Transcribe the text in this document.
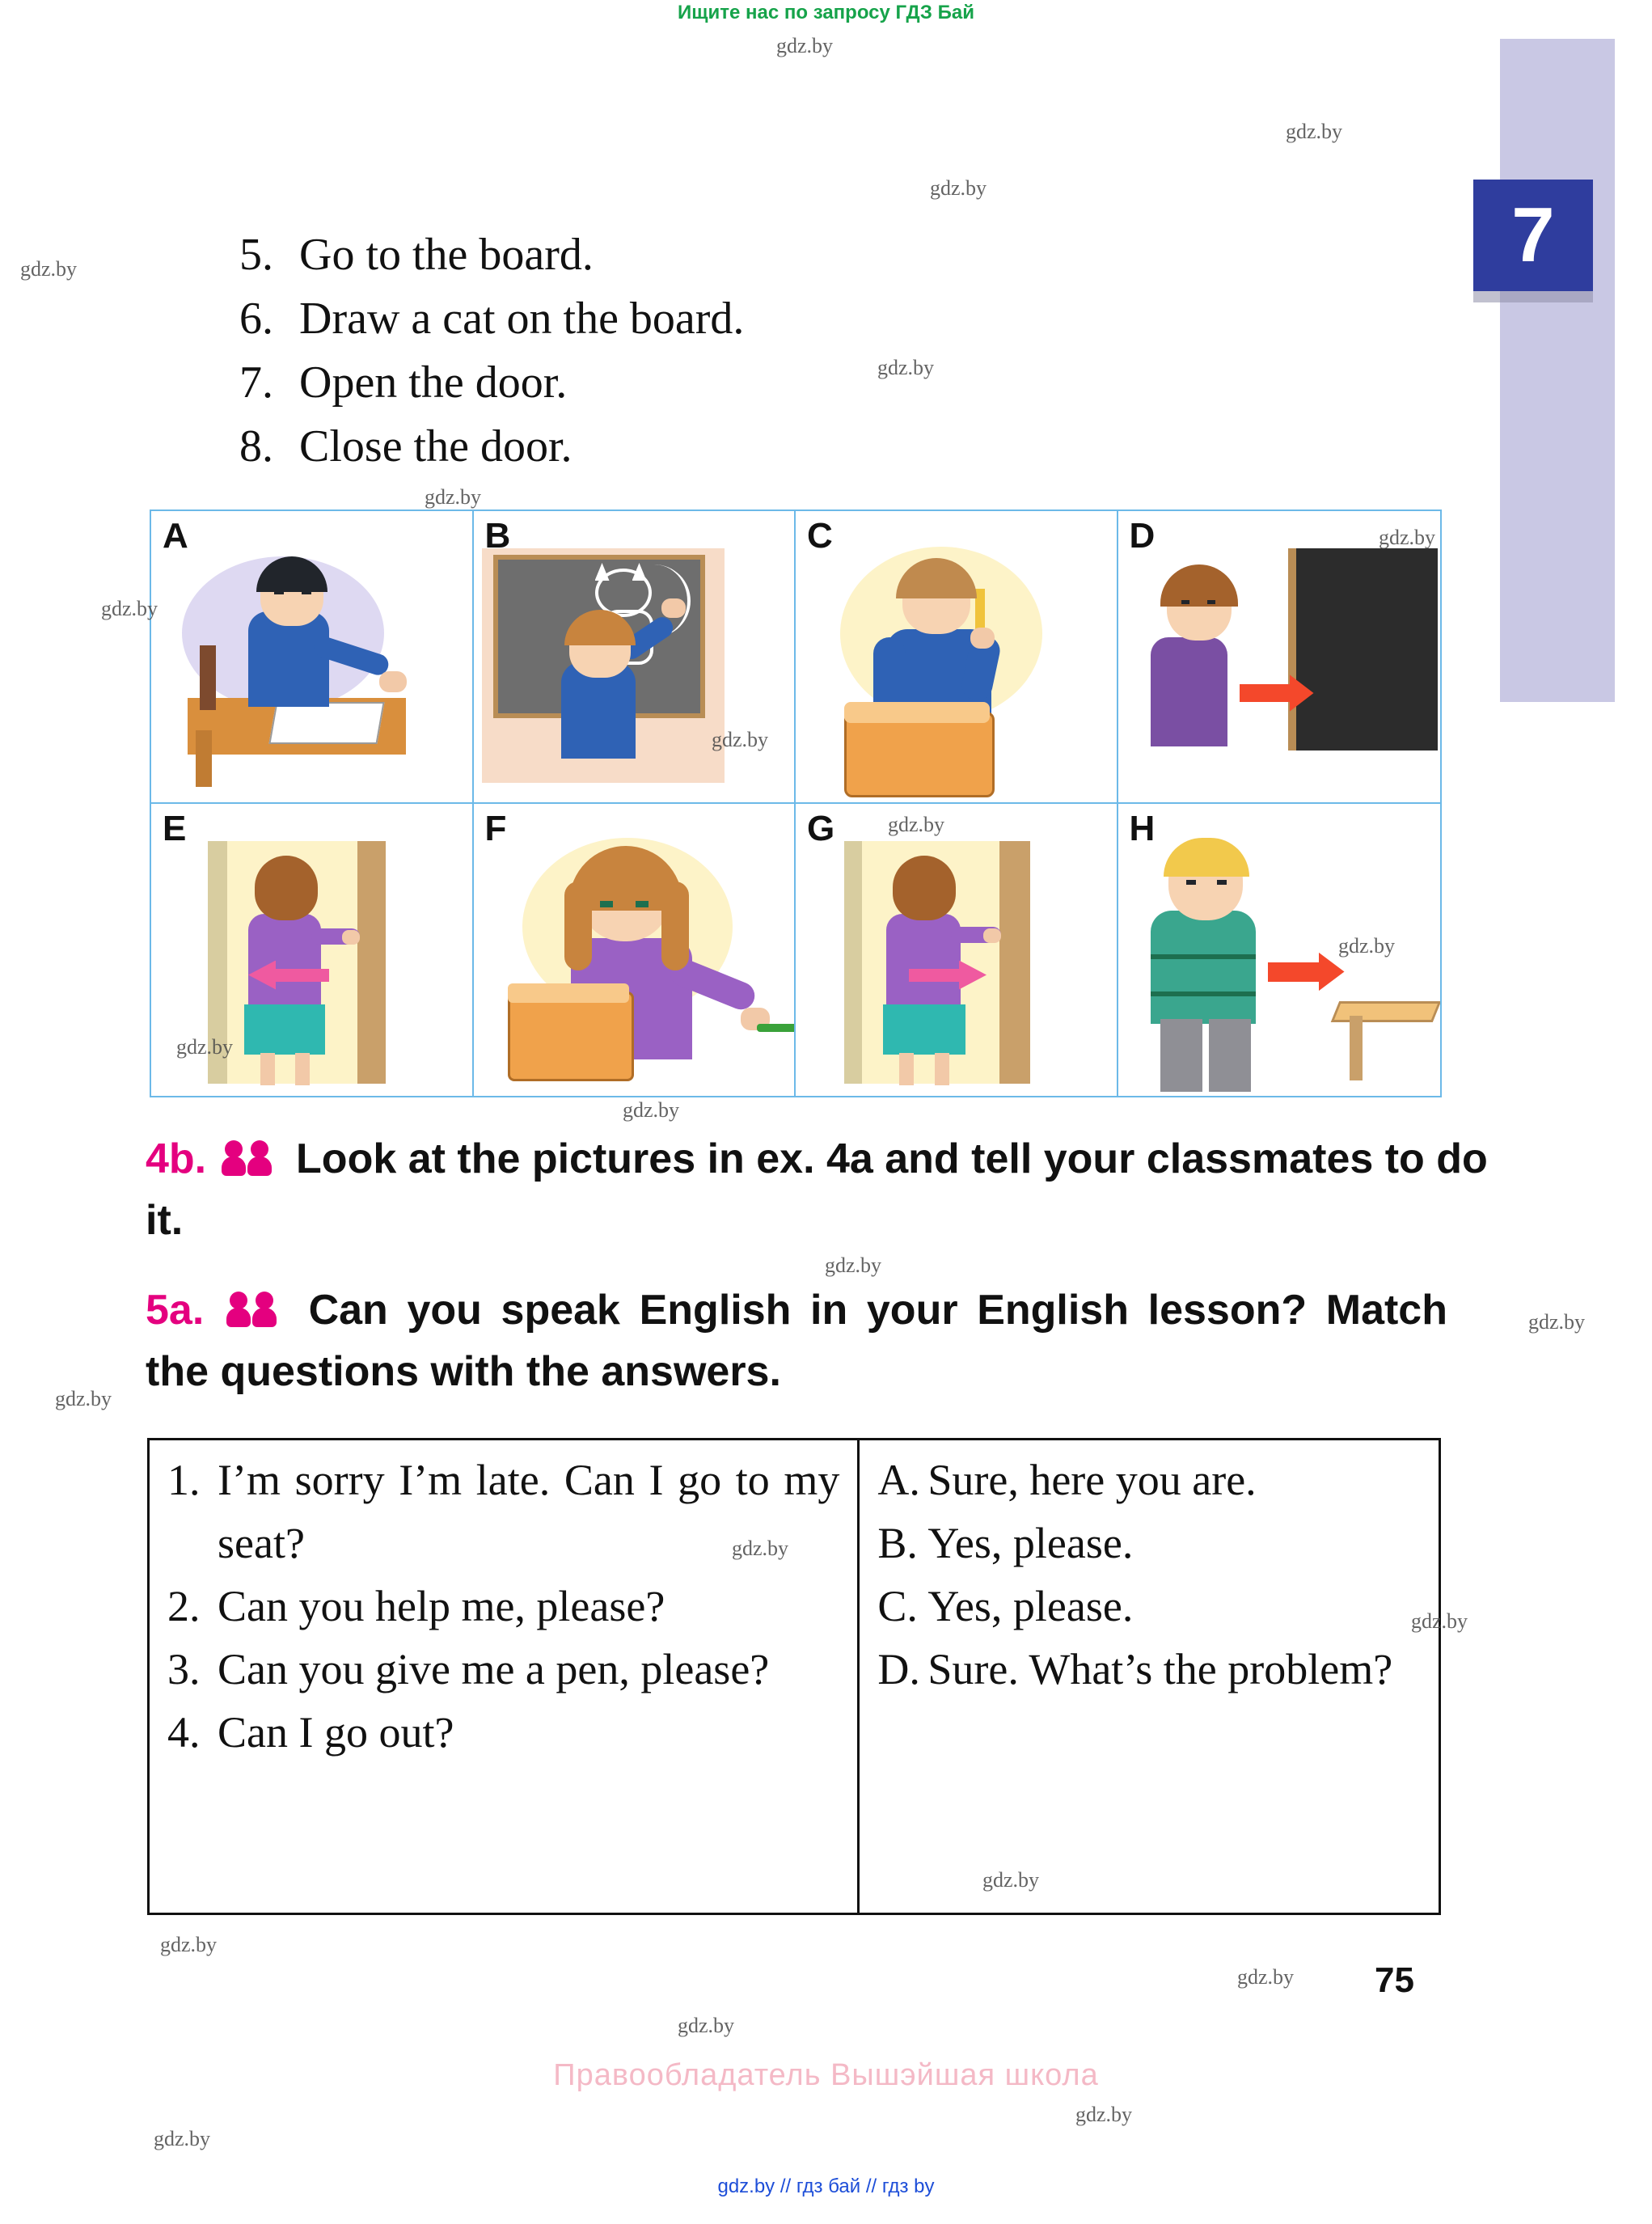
Ищите нас по запросу ГДЗ Бай
7
5. Go to the board.
6. Draw a cat on the board.
7. Open the door.
8. Close the door.
A	B	C	D
E	F	G	H
4b. Look at the pictures in ex. 4a and tell your classmates to do it.
5a. Can you speak English in your English lesson? Match the questions with the answers.
1. I’m sorry I’m late. Can I go to my seat?
2. Can you help me, please?
3. Can you give me a pen, please?
4. Can I go out?
A. Sure, here you are.
B. Yes, please.
C. Yes, please.
D. Sure. What’s the problem?
75
Правообладатель Вышэйшая школа
gdz.by // гдз бай // гдз by
gdz.by
gdz.by
gdz.by
gdz.by
gdz.by
gdz.by
gdz.by
gdz.by
gdz.by
gdz.by
gdz.by
gdz.by
gdz.by
gdz.by
gdz.by
gdz.by
gdz.by
gdz.by
gdz.by
gdz.by
gdz.by
gdz.by
gdz.by
gdz.by
